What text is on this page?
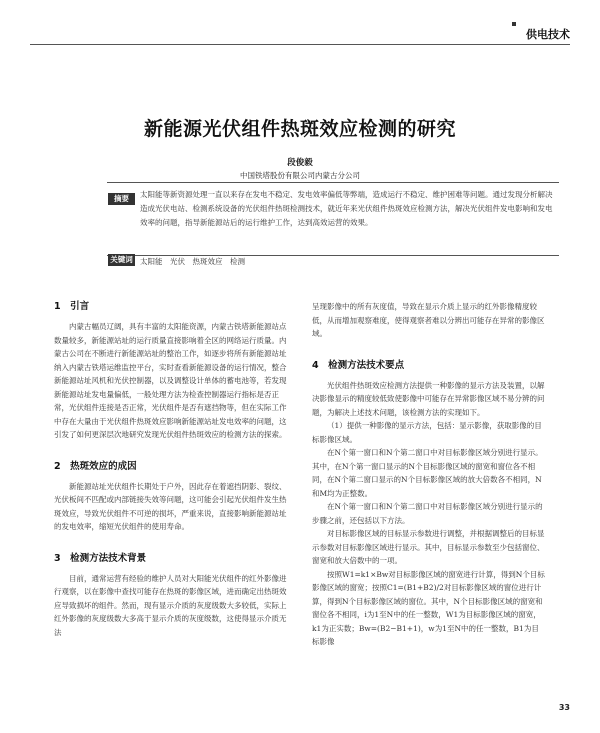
供电技术
新能源光伏组件热斑效应检测的研究
段俊毅
中国铁塔股份有限公司内蒙古分公司
摘要	太阳能等新资源处理一直以来存在发电不稳定、发电效率偏低等弊端，造成运行不稳定、维护困难等问题。通过发现分析解决造成光伏电站、检测系统设备的光伏组件热斑检测技术，就近年来光伏组件热斑效应检测方法，解决光伏组件发电影响和发电效率的问题，指导新能源站后的运行维护工作，达到高效运营的效果。
关键词 太阳能　光伏　热斑效应　检测
1　引言

内蒙古幅员辽阔，具有丰富的太阳能资源，内蒙古铁塔新能源站点数量较多，新能源站址的运行质量直接影响着全区的网络运行质量。内蒙古公司在不断进行新能源站址的整治工作，如逐步将所有新能源站址纳入内蒙古铁塔运维监控平台，实时查看新能源设备的运行情况，整合新能源站址风机和光伏控制器，以及调整设计单体的蓄电池等，若发现新能源站址发电量偏低，一般处理方法为检查控制器运行指标是否正常，光伏组件连接是否正常，光伏组件是否有遮挡物等，但在实际工作中存在大量由于光伏组件热斑效应影响新能源站址发电效率的问题，这引发了如何更深层次地研究发现光伏组件热斑效应的检测方法的探索。

2　热斑效应的成因

新能源站址光伏组件长期处于户外，因此存在着遮挡阴影、裂纹、光伏板间不匹配或内部链接失效等问题，这可能会引起光伏组件发生热斑效应，导致光伏组件不可逆的损坏，严重来说，直接影响新能源站址的发电效率，缩短光伏组件的使用寿命。

3　检测方法技术背景

目前，通常运营有经验的维护人员对大阳能光伏组件的红外影像进行观察，以在影像中查找可能存在热斑的影像区域，进而确定出热斑效应导致损坏的组件。然而，现有显示介质的灰度级数大多较低，实际上红外影像的灰度级数大多高于显示介质的灰度级数，这使得显示介质无法

呈现影像中的所有灰度值，导致在显示介质上显示的红外影像精度较低，从而增加观察难度，使得观察者难以分辨出可能存在异常的影像区域。

4　检测方法技术要点

光伏组件热斑效应检测方法提供一种影像的显示方法及装置，以解决影像显示的精度较低致使影像中可能存在异常影像区域不易分辨的问题，为解决上述技术问题，该检测方法的实现如下。

（1）提供一种影像的显示方法，包括：显示影像，获取影像的目标影像区域。

在N个第一窗口和N个第二窗口中对目标影像区域分别进行显示。其中，在N个第一窗口显示的N个目标影像区域的窗宽和窗位各不相同，在N个第二窗口显示的N个目标影像区域的放大倍数各不相同，N和M均为正整数。

在N个第一窗口和N个第二窗口中对目标影像区域分别进行显示的步骤之前，还包括以下方法。

对目标影像区域的目标显示参数进行调整，并根据调整后的目标显示参数对目标影像区域进行显示。其中，目标显示参数至少包括窗位、窗宽和放大倍数中的一项。

按照W1=k1×Bw对目标影像区域的窗宽进行计算，得到N个目标影像区域的窗宽；按照C1=(B1+B2)/2对目标影像区域的窗位进行计算，得到N个目标影像区域的窗位。其中，N个目标影像区域的窗宽和窗位各不相同，i为1至N中的任一整数，W1为目标影像区域的窗宽，k1为正实数；Bw=(B2−B1+1)，w为1至N中的任一整数，B1为目标影像

33
